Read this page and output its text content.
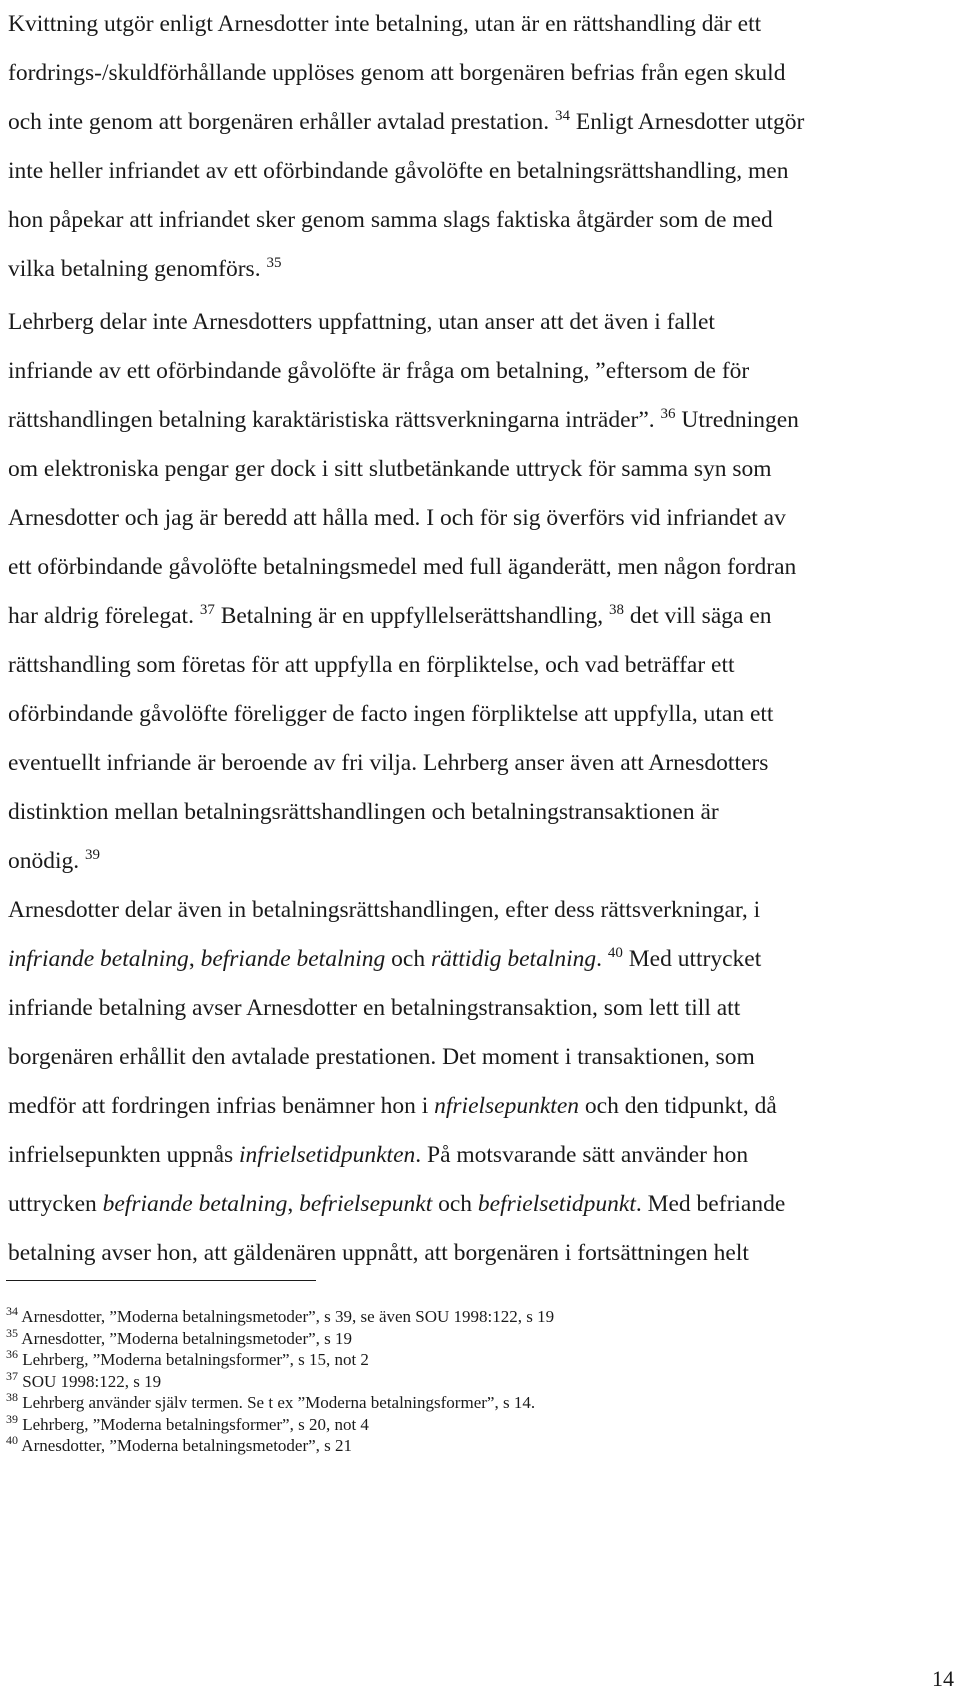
Kvittning utgör enligt Arnesdotter inte betalning, utan är en rättshandling där ett
fordrings-/skuldförhållande upplöses genom att borgenären befrias från egen skuld
och inte genom att borgenären erhåller avtalad prestation. $^{34}$ Enligt Arnesdotter utgör
inte heller infriandet av ett oförbindande gåvolöfte en betalningsrättshandling, men
hon påpekar att infriandet sker genom samma slags faktiska åtgärder som de med
vilka betalning genomförs. $^{35}$
Lehrberg delar inte Arnesdotters uppfattning, utan anser att det även i fallet
infriande av ett oförbindande gåvolöfte är fråga om betalning, ”eftersom de för
rättshandlingen betalning karaktäristiska rättsverkningarna inträder”. $^{36}$ Utredningen
om elektroniska pengar ger dock i sitt slutbetänkande uttryck för samma syn som
Arnesdotter och jag är beredd att hålla med. I och för sig överförs vid infriandet av
ett oförbindande gåvolöfte betalningsmedel med full äganderätt, men någon fordran
har aldrig förelegat. $^{37}$ Betalning är en uppfyllelserättshandling, $^{38}$ det vill säga en
rättshandling som företas för att uppfylla en förpliktelse, och vad beträffar ett
oförbindande gåvolöfte föreligger de facto ingen förpliktelse att uppfylla, utan ett
eventuellt infriande är beroende av fri vilja. Lehrberg anser även att Arnesdotters
distinktion mellan betalningsrättshandlingen och betalningstransaktionen är
onödig. $^{39}$
Arnesdotter delar även in betalningsrättshandlingen, efter dess rättsverkningar, i
infriande betalning, befriande betalning och rättidig betalning. $^{40}$ Med uttrycket
infriande betalning avser Arnesdotter en betalningstransaktion, som lett till att
borgenären erhållit den avtalade prestationen. Det moment i transaktionen, som
medför att fordringen infrias benämner hon i nfrielsepunkten och den tidpunkt, då
infrielsepunkten uppnås infrielsetidpunkten. På motsvarande sätt använder hon
uttrycken befriande betalning, befrielsepunkt och befrielsetidpunkt. Med befriande
betalning avser hon, att gäldenären uppnått, att borgenären i fortsättningen helt
$^{34}$ Arnesdotter, ”Moderna betalningsmetoder”, s 39, se även SOU 1998:122, s 19
$^{35}$ Arnesdotter, ”Moderna betalningsmetoder”, s 19
$^{36}$ Lehrberg, ”Moderna betalningsformer”, s 15, not 2
$^{37}$ SOU 1998:122, s 19
$^{38}$ Lehrberg använder själv termen. Se t ex ”Moderna betalningsformer”, s 14.
$^{39}$ Lehrberg, ”Moderna betalningsformer”, s 20, not 4
$^{40}$ Arnesdotter, ”Moderna betalningsmetoder”, s 21
14
